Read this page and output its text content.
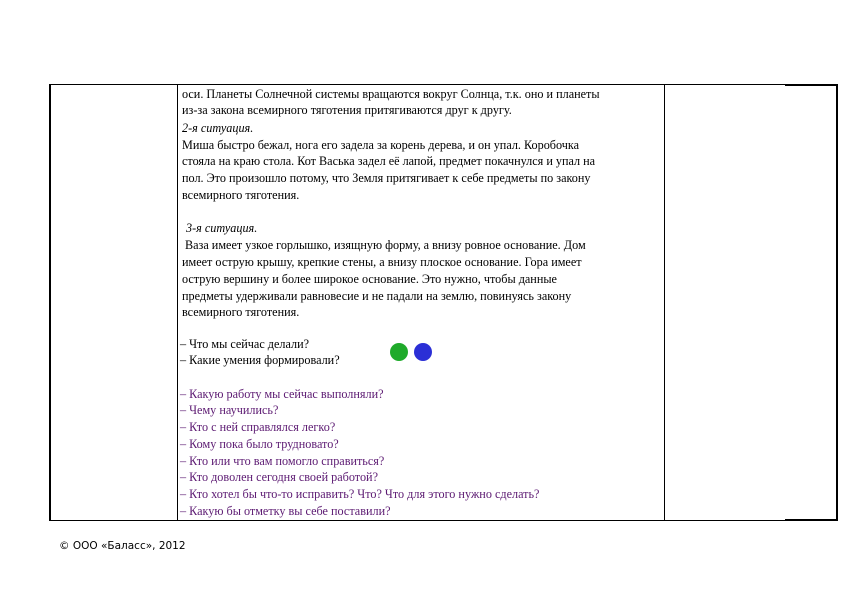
оси. Планеты Солнечной системы вращаются вокруг Солнца, т.к. оно и планеты
из-за закона всемирного тяготения притягиваются друг к другу.
2-я ситуация.
Миша быстро бежал, нога его задела за корень дерева, и он упал. Коробочка
стояла на краю стола. Кот Васька задел её лапой, предмет покачнулся и упал на
пол. Это произошло потому, что Земля притягивает к себе предметы по закону
всемирного тяготения.
3-я ситуация.
Ваза имеет узкое горлышко, изящную форму, а внизу ровное основание. Дом
имеет острую крышу, крепкие стены, а внизу плоское основание. Гора имеет
острую вершину и более широкое основание. Это нужно, чтобы данные
предметы удерживали равновесие и не падали на землю, повинуясь закону
всемирного тяготения.
– Что мы сейчас делали?
– Какие умения формировали?
– Какую работу мы сейчас выполняли?
– Чему научились?
– Кто с ней справлялся легко?
– Кому пока было трудновато?
– Кто или что вам помогло справиться?
– Кто доволен сегодня своей работой?
– Кто хотел бы что-то исправить? Что? Что для этого нужно сделать?
– Какую бы отметку вы себе поставили?
© ООО «Баласс», 2012
